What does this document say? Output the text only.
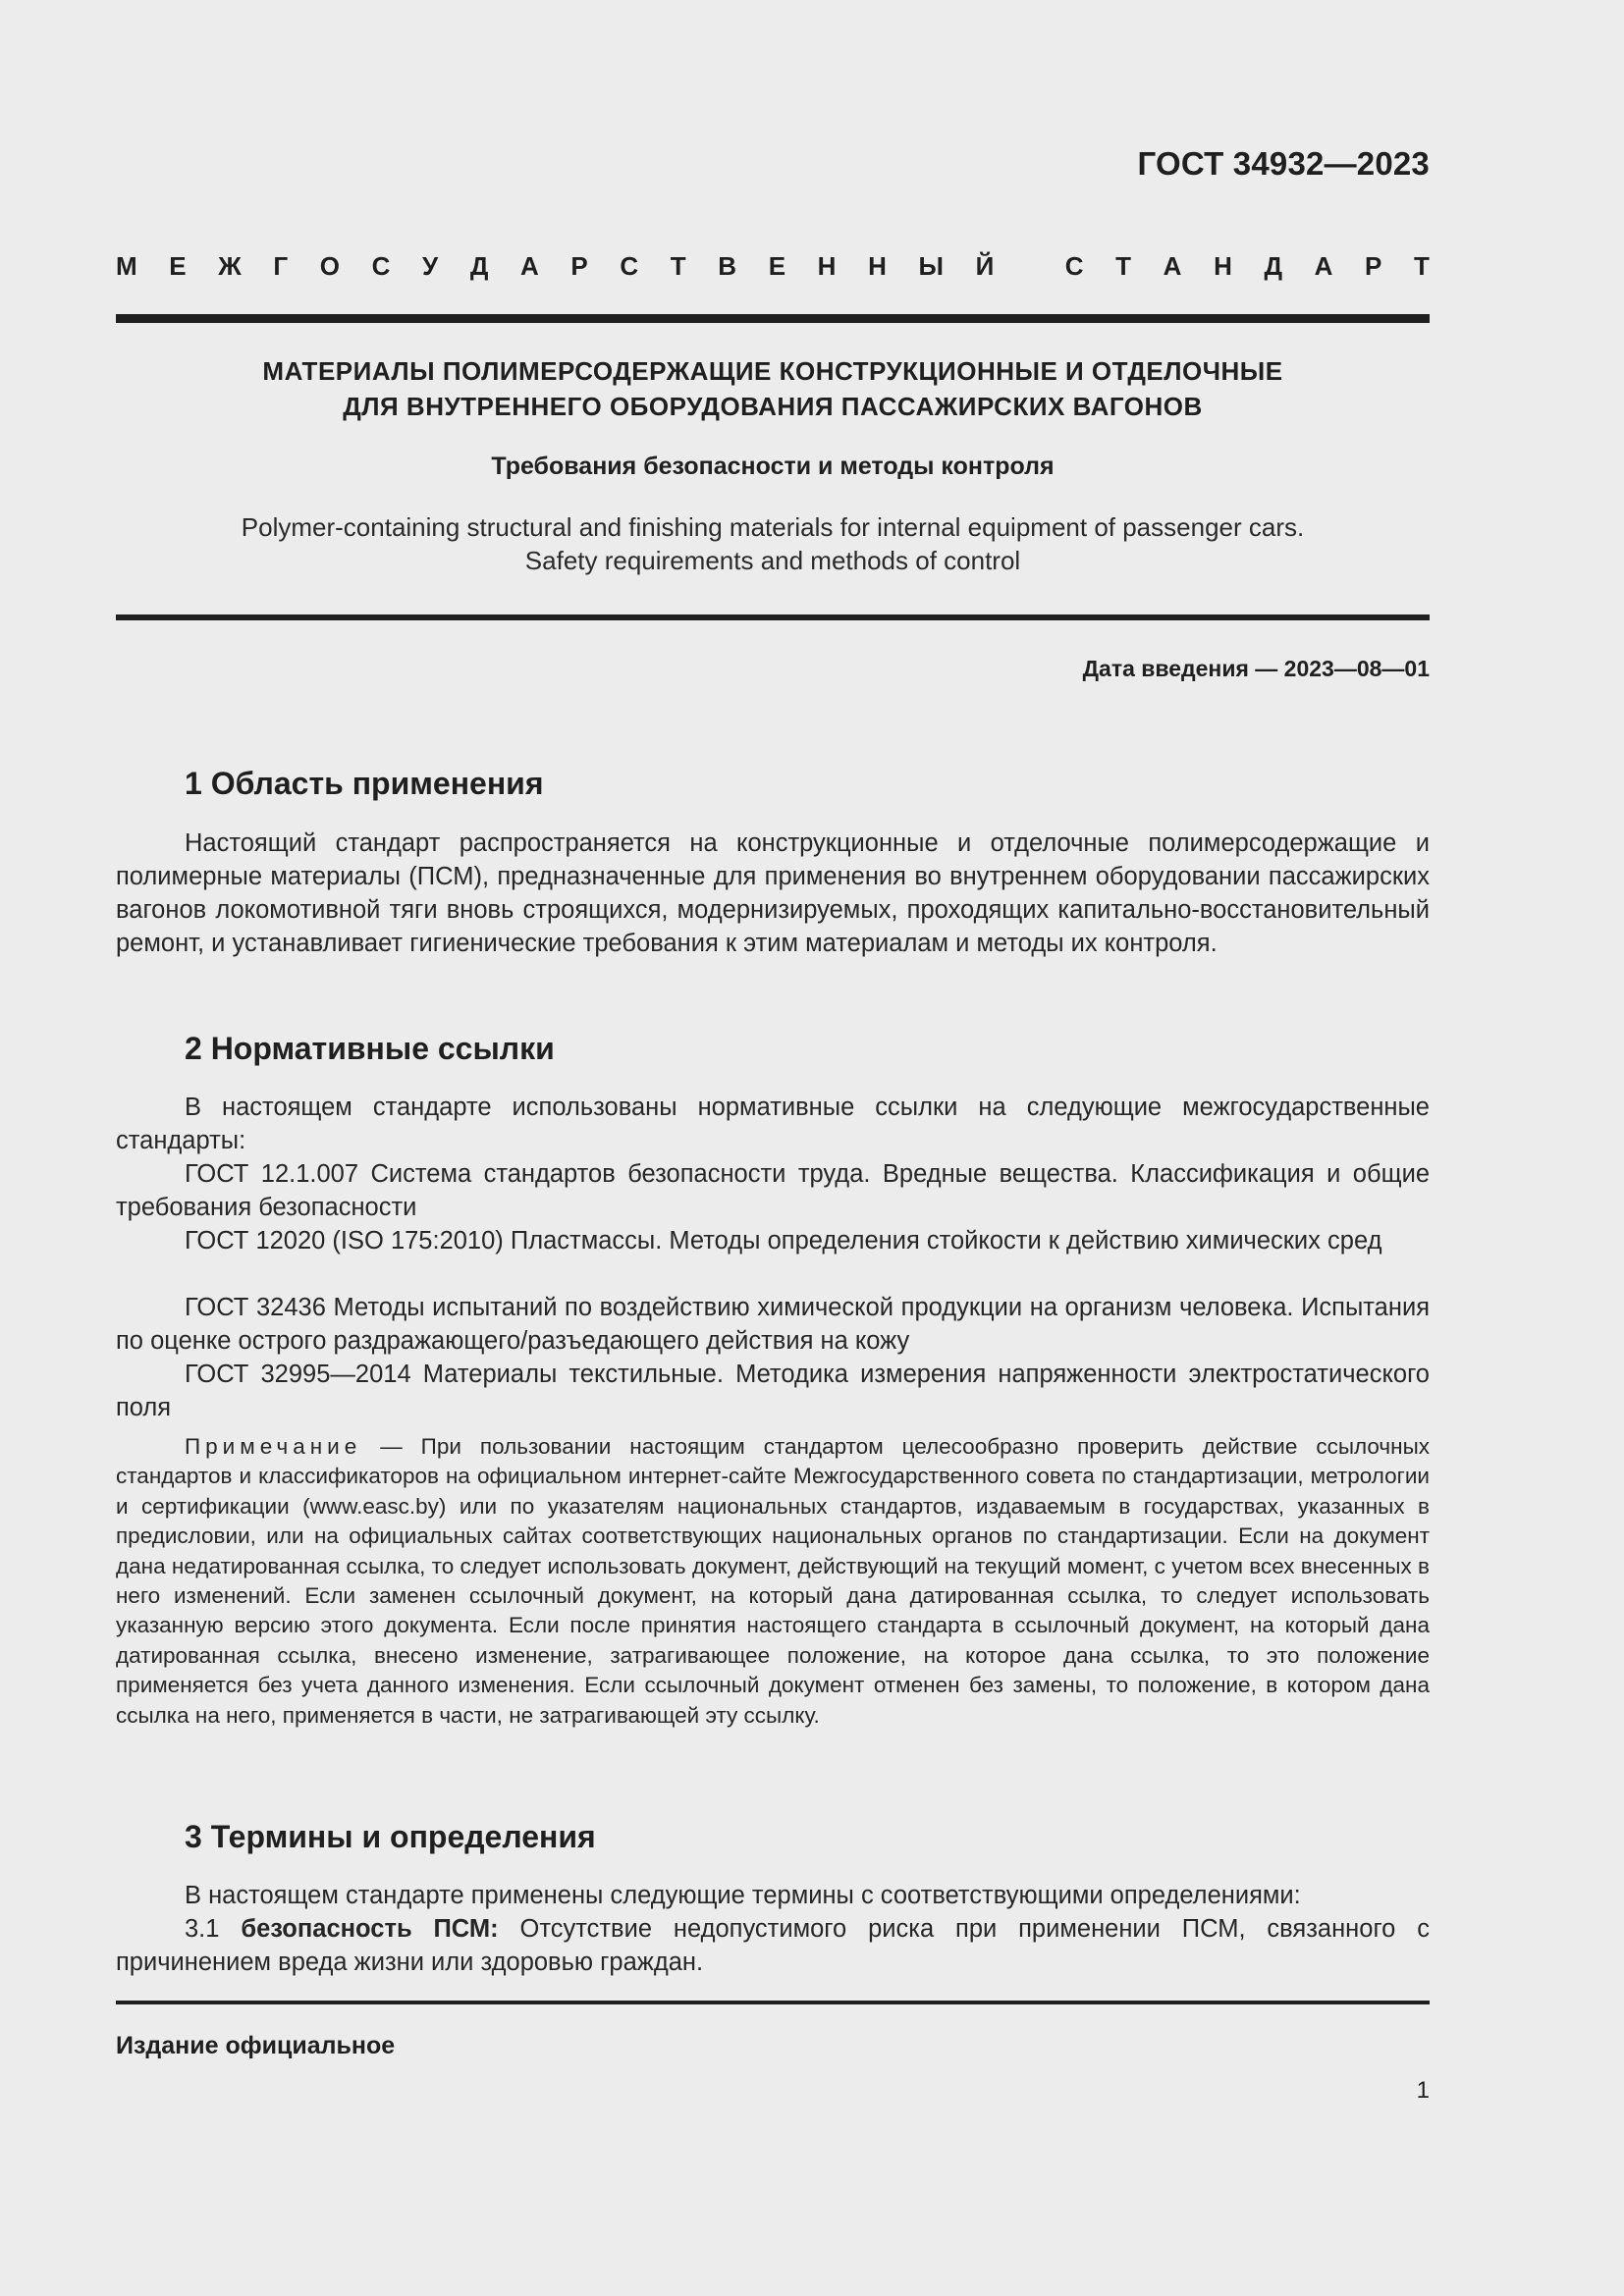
ГОСТ 34932—2023
М Е Ж Г О С У Д А Р С Т В Е Н Н Ы Й
	С Т А Н Д А Р Т
МАТЕРИАЛЫ ПОЛИМЕРСОДЕРЖАЩИЕ КОНСТРУКЦИОННЫЕ И ОТДЕЛОЧНЫЕ
ДЛЯ ВНУТРЕННЕГО ОБОРУДОВАНИЯ ПАССАЖИРСКИХ ВАГОНОВ
Требования безопасности и методы контроля
Polymer-containing structural and finishing materials for internal equipment of passenger cars.
Safety requirements and methods of control
Дата введения — 2023—08—01
1 Область применения
Настоящий стандарт распространяется на конструкционные и отделочные полимерсодержащие и полимерные материалы (ПСМ), предназначенные для применения во внутреннем оборудовании пассажирских вагонов локомотивной тяги вновь строящихся, модернизируемых, проходящих капитально-восстановительный ремонт, и устанавливает гигиенические требования к этим материалам и методы их контроля.
2 Нормативные ссылки
В настоящем стандарте использованы нормативные ссылки на следующие межгосударственные стандарты:
ГОСТ 12.1.007 Система стандартов безопасности труда. Вредные вещества. Классификация и общие требования безопасности
ГОСТ 12020 (ISO 175:2010) Пластмассы. Методы определения стойкости к действию химических сред
ГОСТ 32436 Методы испытаний по воздействию химической продукции на организм человека. Испытания по оценке острого раздражающего/разъедающего действия на кожу
ГОСТ 32995—2014 Материалы текстильные. Методика измерения напряженности электростатического поля
Примечание — При пользовании настоящим стандартом целесообразно проверить действие ссылочных стандартов и классификаторов на официальном интернет-сайте Межгосударственного совета по стандартизации, метрологии и сертификации (www.easc.by) или по указателям национальных стандартов, издаваемым в государствах, указанных в предисловии, или на официальных сайтах соответствующих национальных органов по стандартизации. Если на документ дана недатированная ссылка, то следует использовать документ, действующий на текущий момент, с учетом всех внесенных в него изменений. Если заменен ссылочный документ, на который дана датированная ссылка, то следует использовать указанную версию этого документа. Если после принятия настоящего стандарта в ссылочный документ, на который дана датированная ссылка, внесено изменение, затрагивающее положение, на которое дана ссылка, то это положение применяется без учета данного изменения. Если ссылочный документ отменен без замены, то положение, в котором дана ссылка на него, применяется в части, не затрагивающей эту ссылку.
3 Термины и определения
В настоящем стандарте применены следующие термины с соответствующими определениями:
3.1 безопасность ПСМ: Отсутствие недопустимого риска при применении ПСМ, связанного с причинением вреда жизни или здоровью граждан.
Издание официальное
1
